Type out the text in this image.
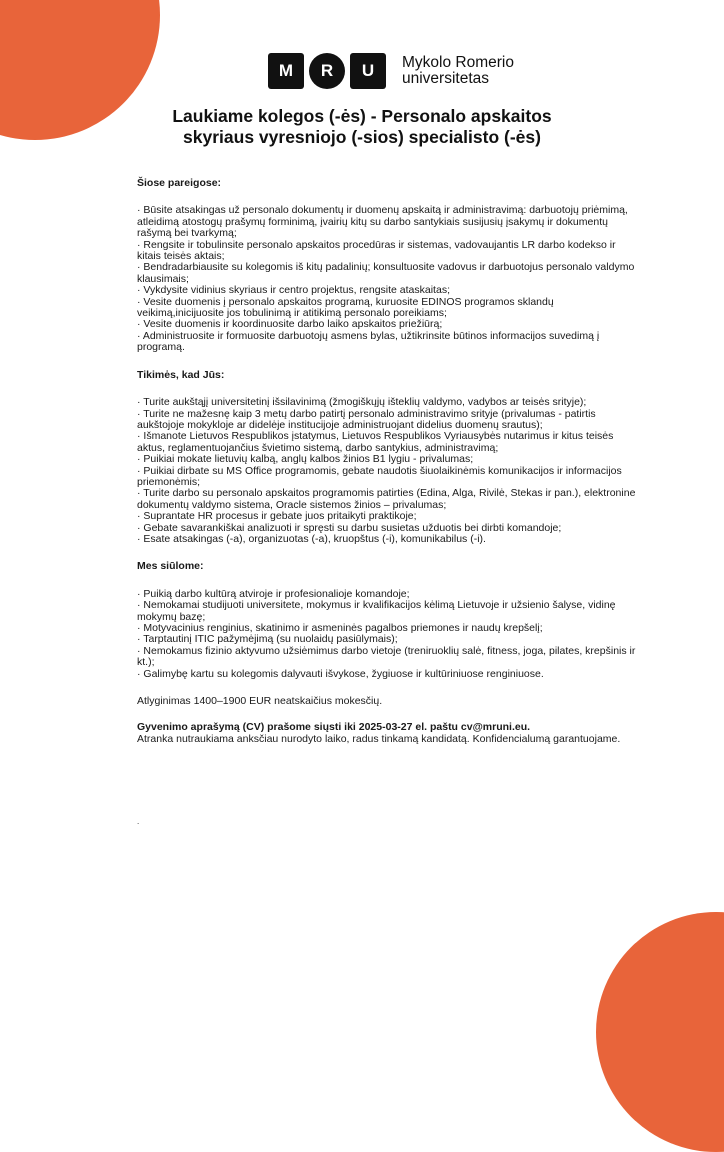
M	R	U	Mykolo Romerio
universitetas
Laukiame kolegos (-ės) - Personalo apskaitos
skyriaus vyresniojo (-sios) specialisto (-ės)

Šiose pareigose:

· Būsite atsakingas už personalo dokumentų ir duomenų apskaitą ir administravimą: darbuotojų priėmimą, atleidimą atostogų prašymų forminimą, įvairių kitų su darbo santykiais susijusių įsakymų ir dokumentų rašymą bei tvarkymą;
· Rengsite ir tobulinsite personalo apskaitos procedūras ir sistemas, vadovaujantis LR darbo kodekso ir kitais teisės aktais;
· Bendradarbiausite su kolegomis iš kitų padalinių; konsultuosite vadovus ir darbuotojus personalo valdymo klausimais;
· Vykdysite vidinius skyriaus ir centro projektus, rengsite ataskaitas;
· Vesite duomenis į personalo apskaitos programą, kuruosite EDINOS programos sklandų veikimą,inicijuosite jos tobulinimą ir atitikimą personalo poreikiams;
· Vesite duomenis ir koordinuosite darbo laiko apskaitos priežiūrą;
· Administruosite ir formuosite darbuotojų asmens bylas, užtikrinsite būtinos informacijos suvedimą į programą.

Tikimės, kad Jūs:

· Turite aukštąjį universitetinį išsilavinimą (žmogiškųjų išteklių valdymo, vadybos ar teisės srityje);
· Turite ne mažesnę kaip 3 metų darbo patirtį personalo administravimo srityje (privalumas - patirtis aukštojoje mokykloje ar didelėje institucijoje administruojant didelius duomenų srautus);
· Išmanote Lietuvos Respublikos įstatymus, Lietuvos Respublikos Vyriausybės nutarimus ir kitus teisės aktus, reglamentuojančius švietimo sistemą, darbo santykius, administravimą;
· Puikiai mokate lietuvių kalbą, anglų kalbos žinios B1 lygiu - privalumas;
· Puikiai dirbate su MS Office programomis, gebate naudotis šiuolaikinėmis komunikacijos ir informacijos priemonėmis;
· Turite darbo su personalo apskaitos programomis patirties (Edina, Alga, Rivilė, Stekas ir pan.), elektronine dokumentų valdymo sistema, Oracle sistemos žinios – privalumas;
· Suprantate HR procesus ir gebate juos pritaikyti praktikoje;
· Gebate savarankiškai analizuoti ir spręsti su darbu susietas užduotis bei dirbti komandoje;
· Esate atsakingas (-a), organizuotas (-a), kruopštus (-i), komunikabilus (-i).

Mes siūlome:

· Puikią darbo kultūrą atviroje ir profesionalioje komandoje;
· Nemokamai studijuoti universitete, mokymus ir kvalifikacijos kėlimą Lietuvoje ir užsienio šalyse, vidinę mokymų bazę;
· Motyvacinius renginius, skatinimo ir asmeninės pagalbos priemones ir naudų krepšelį;
· Tarptautinį ITIC pažymėjimą (su nuolaidų pasiūlymais);
· Nemokamus fizinio aktyvumo užsiėmimus darbo vietoje (treniruoklių salė, fitness, joga, pilates, krepšinis ir kt.);
· Galimybę kartu su kolegomis dalyvauti išvykose, žygiuose ir kultūriniuose renginiuose.

Atlyginimas 1400–1900 EUR neatskaičius mokesčių.

Gyvenimo aprašymą (CV) prašome siųsti iki 2025-03-27 el. paštu cv@mruni.eu.

Atranka nutraukiama anksčiau nurodyto laiko, radus tinkamą kandidatą. Konfidencialumą garantuojame.

.
